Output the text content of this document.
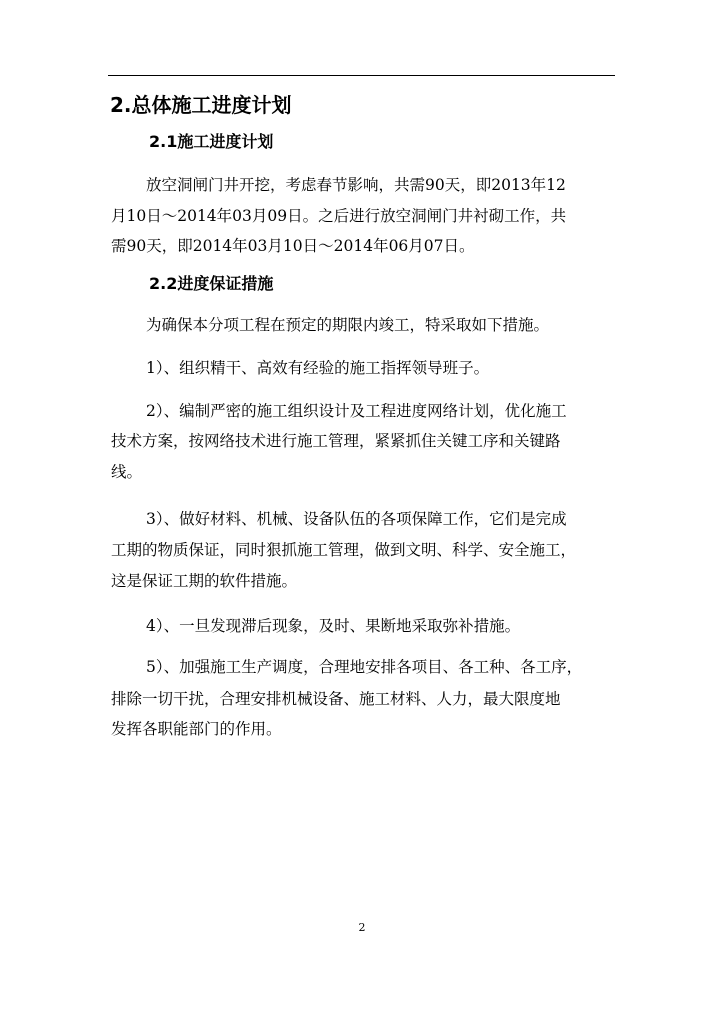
2.总体施工进度计划
2.1施工进度计划
放空洞闸门井开挖，考虑春节影响，共需90天，即2013年12
月10日～2014年03月09日。之后进行放空洞闸门井衬砌工作，共
需90天，即2014年03月10日～2014年06月07日。
2.2进度保证措施
为确保本分项工程在预定的期限内竣工，特采取如下措施。
1）、组织精干、高效有经验的施工指挥领导班子。
2）、编制严密的施工组织设计及工程进度网络计划，优化施工
技术方案，按网络技术进行施工管理，紧紧抓住关键工序和关键路
线。
3）、做好材料、机械、设备队伍的各项保障工作，它们是完成
工期的物质保证，同时狠抓施工管理，做到文明、科学、安全施工，
这是保证工期的软件措施。
4）、一旦发现滞后现象，及时、果断地采取弥补措施。
5）、加强施工生产调度，合理地安排各项目、各工种、各工序，
排除一切干扰，合理安排机械设备、施工材料、人力，最大限度地
发挥各职能部门的作用。
2
